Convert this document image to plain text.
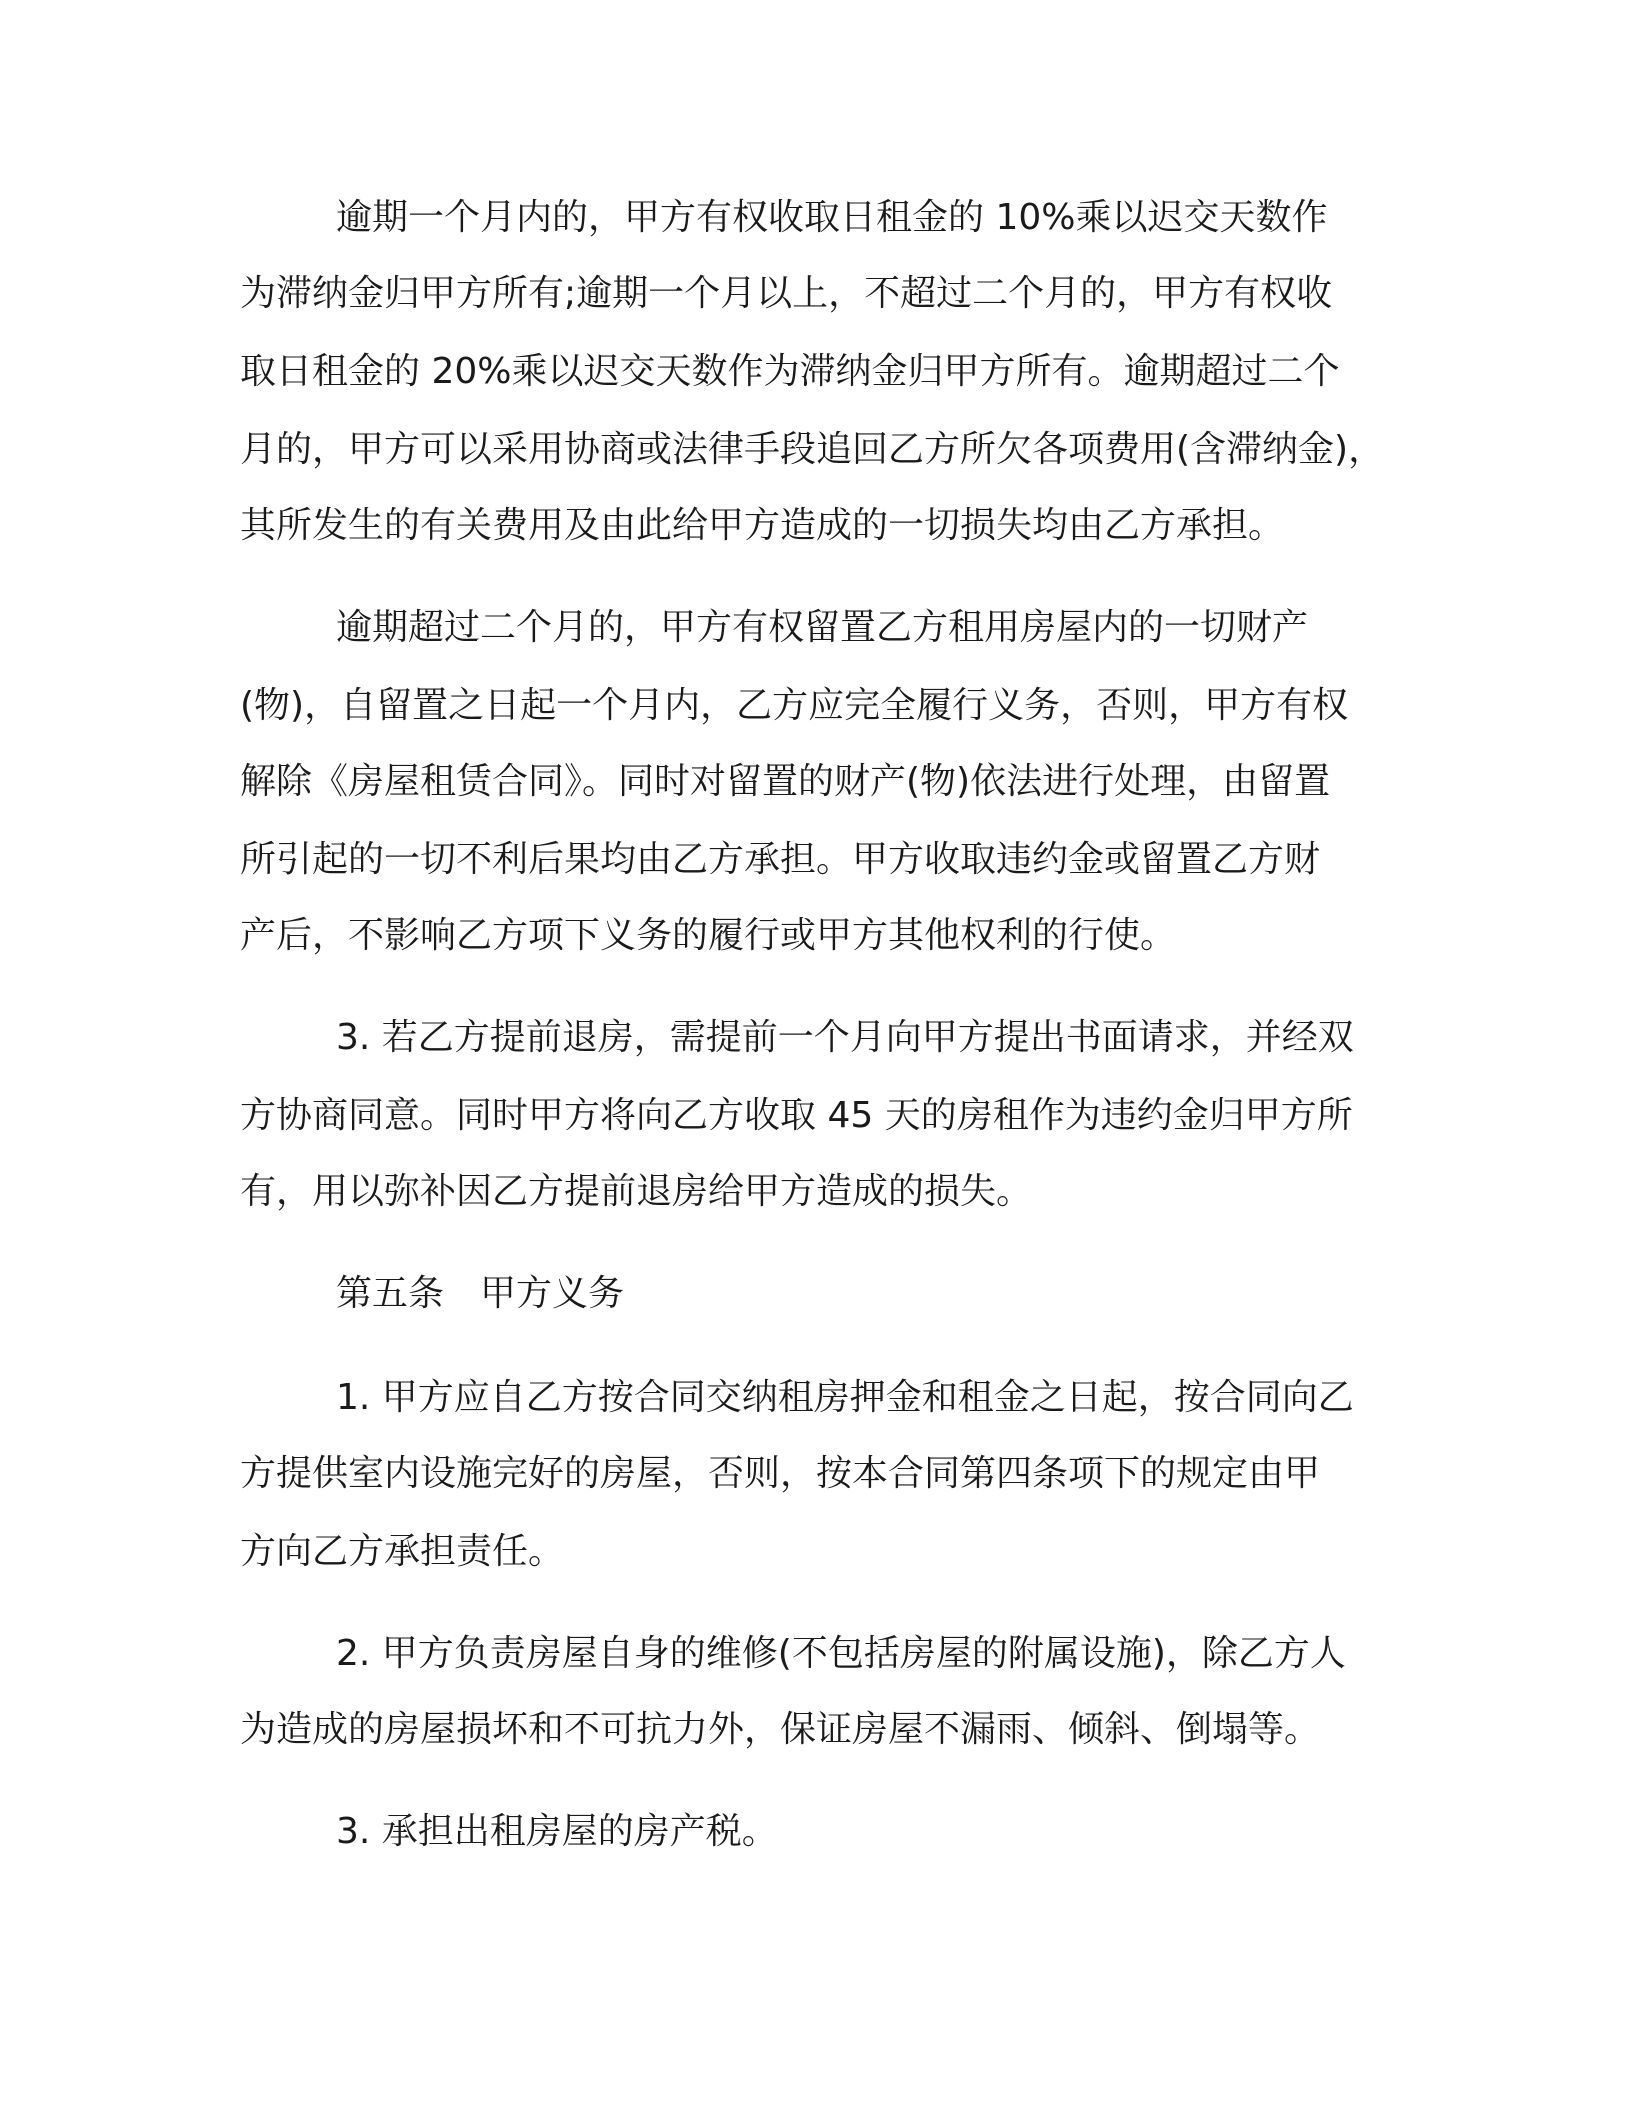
逾期一个月内的，甲方有权收取日租金的 10%乘以迟交天数作

为滞纳金归甲方所有;逾期一个月以上，不超过二个月的，甲方有权收

取日租金的 20%乘以迟交天数作为滞纳金归甲方所有。逾期超过二个

月的，甲方可以采用协商或法律手段追回乙方所欠各项费用(含滞纳金)，

其所发生的有关费用及由此给甲方造成的一切损失均由乙方承担。

逾期超过二个月的，甲方有权留置乙方租用房屋内的一切财产

(物)，自留置之日起一个月内，乙方应完全履行义务，否则，甲方有权

解除《房屋租赁合同》。同时对留置的财产(物)依法进行处理，由留置

所引起的一切不利后果均由乙方承担。甲方收取违约金或留置乙方财

产后，不影响乙方项下义务的履行或甲方其他权利的行使。

3. 若乙方提前退房，需提前一个月向甲方提出书面请求，并经双

方协商同意。同时甲方将向乙方收取 45 天的房租作为违约金归甲方所

有，用以弥补因乙方提前退房给甲方造成的损失。

第五条　甲方义务

1. 甲方应自乙方按合同交纳租房押金和租金之日起，按合同向乙

方提供室内设施完好的房屋，否则，按本合同第四条项下的规定由甲

方向乙方承担责任。

2. 甲方负责房屋自身的维修(不包括房屋的附属设施)，除乙方人

为造成的房屋损坏和不可抗力外，保证房屋不漏雨、倾斜、倒塌等。

3. 承担出租房屋的房产税。
